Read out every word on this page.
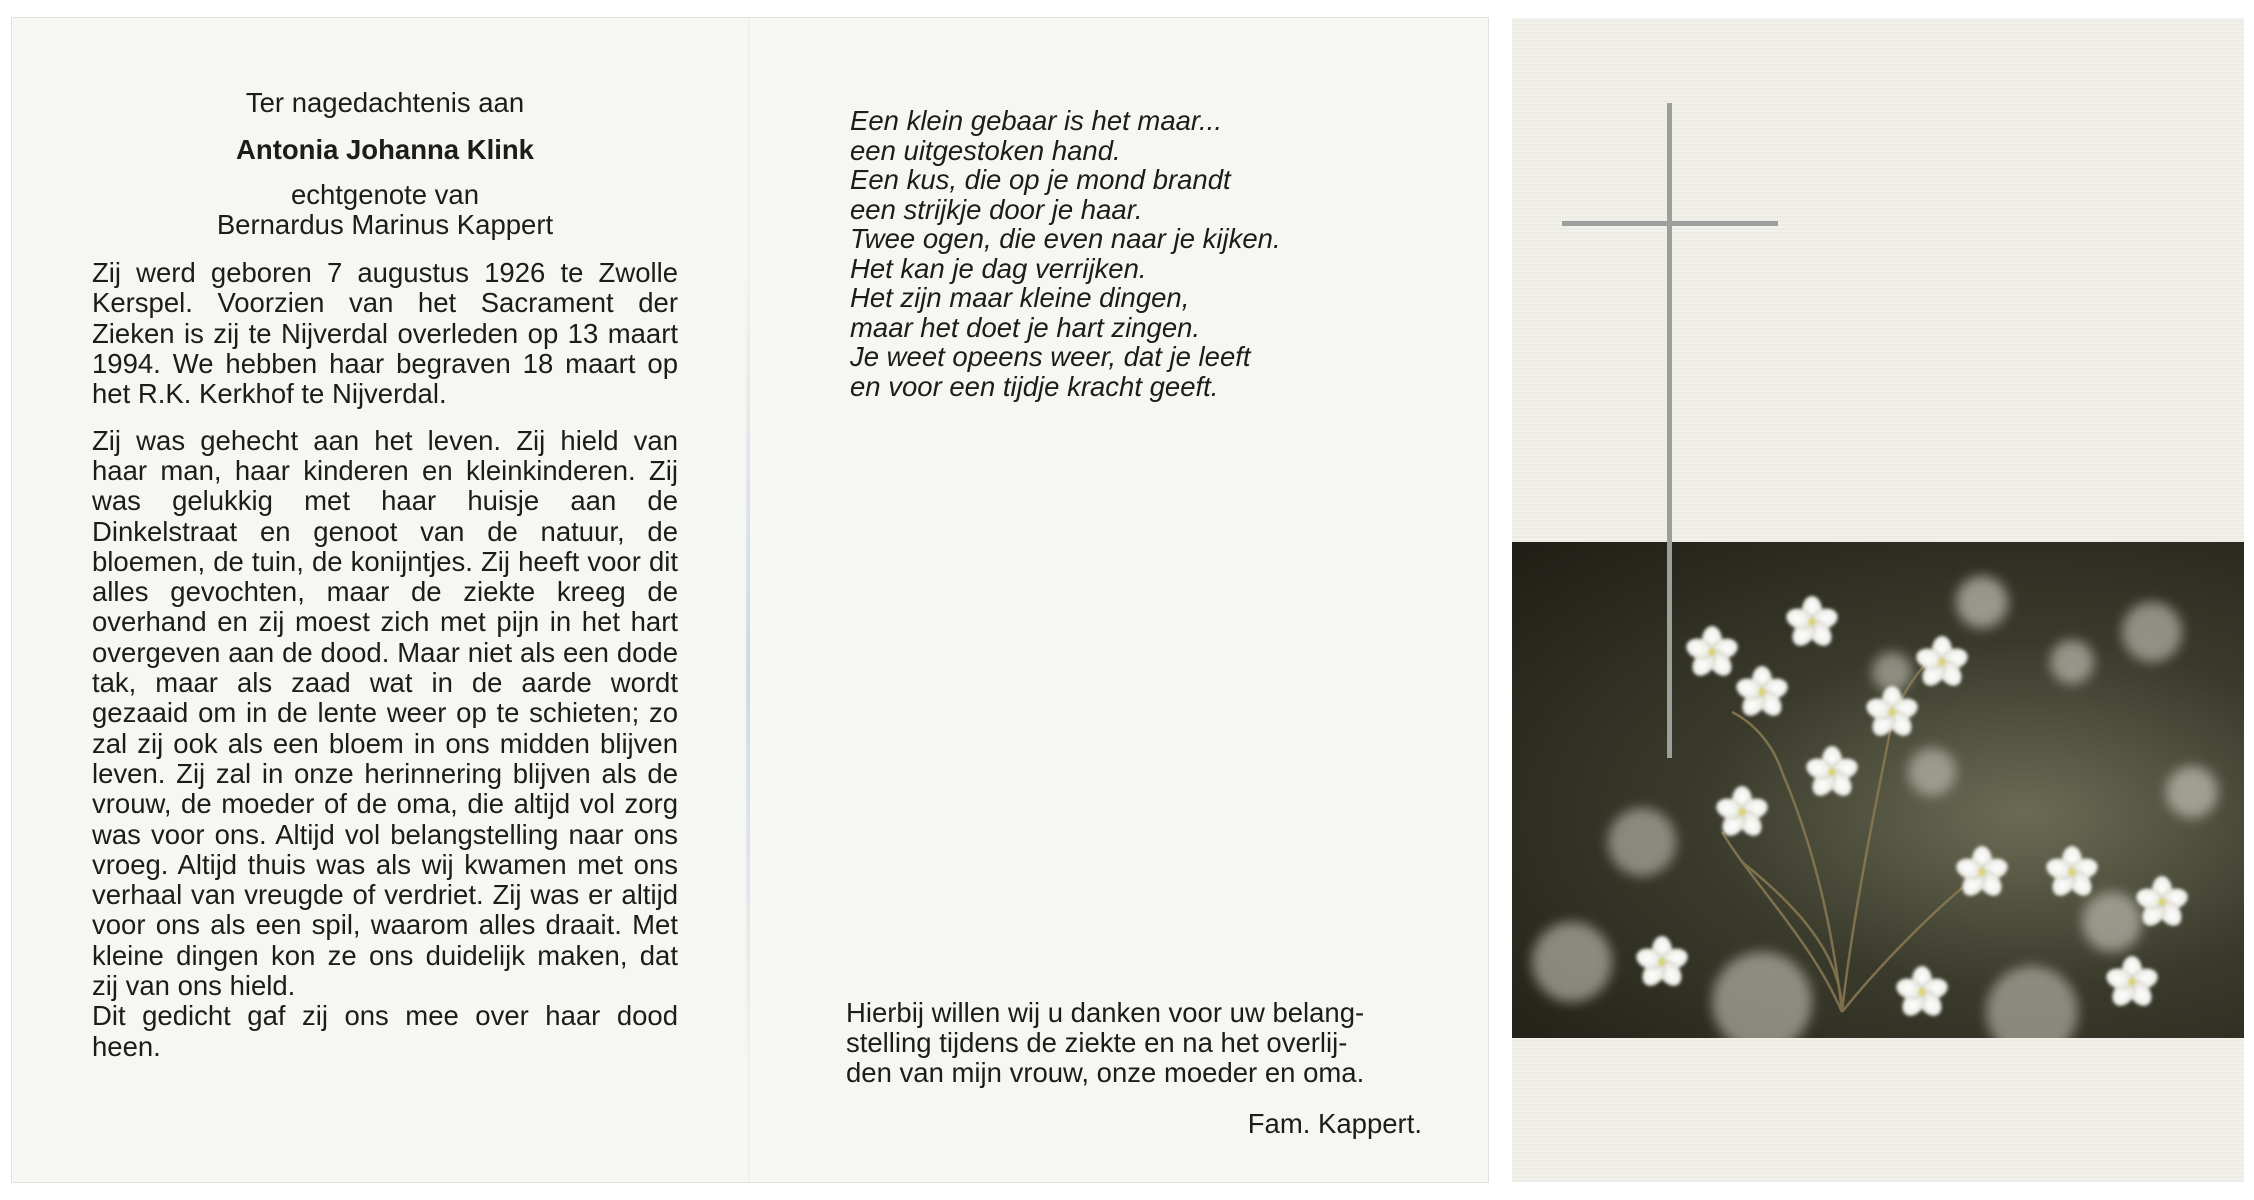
Ter nagedachtenis aan

Antonia Johanna Klink

echtgenote van

Bernardus Marinus Kappert

Zij werd geboren 7 augustus 1926 te Zwolle Kerspel. Voorzien van het Sacrament der Zieken is zij te Nijverdal overleden op 13 maart 1994. We hebben haar begraven 18 maart op het R.K. Kerkhof te Nijverdal.

Zij was gehecht aan het leven. Zij hield van haar man, haar kinderen en kleinkinderen. Zij was gelukkig met haar huisje aan de Dinkelstraat en genoot van de natuur, de bloemen, de tuin, de konijntjes. Zij heeft voor dit alles gevochten, maar de ziekte kreeg de overhand en zij moest zich met pijn in het hart overgeven aan de dood. Maar niet als een dode tak, maar als zaad wat in de aarde wordt gezaaid om in de lente weer op te schieten; zo zal zij ook als een bloem in ons midden blijven leven. Zij zal in onze herinnering blijven als de vrouw, de moeder of de oma, die altijd vol zorg was voor ons. Altijd vol belangstelling naar ons vroeg. Altijd thuis was als wij kwamen met ons verhaal van vreugde of verdriet. Zij was er altijd voor ons als een spil, waarom alles draait. Met kleine dingen kon ze ons duidelijk maken, dat zij van ons hield.

Dit gedicht gaf zij ons mee over haar dood heen.

Een klein gebaar is het maar...
een uitgestoken hand.
Een kus, die op je mond brandt
een strijkje door je haar.
Twee ogen, die even naar je kijken.
Het kan je dag verrijken.
Het zijn maar kleine dingen,
maar het doet je hart zingen.
Je weet opeens weer, dat je leeft
en voor een tijdje kracht geeft.
Hierbij willen wij u danken voor uw belang-
stelling tijdens de ziekte en na het overlij-
den van mijn vrouw, onze moeder en oma.
Fam. Kappert.
